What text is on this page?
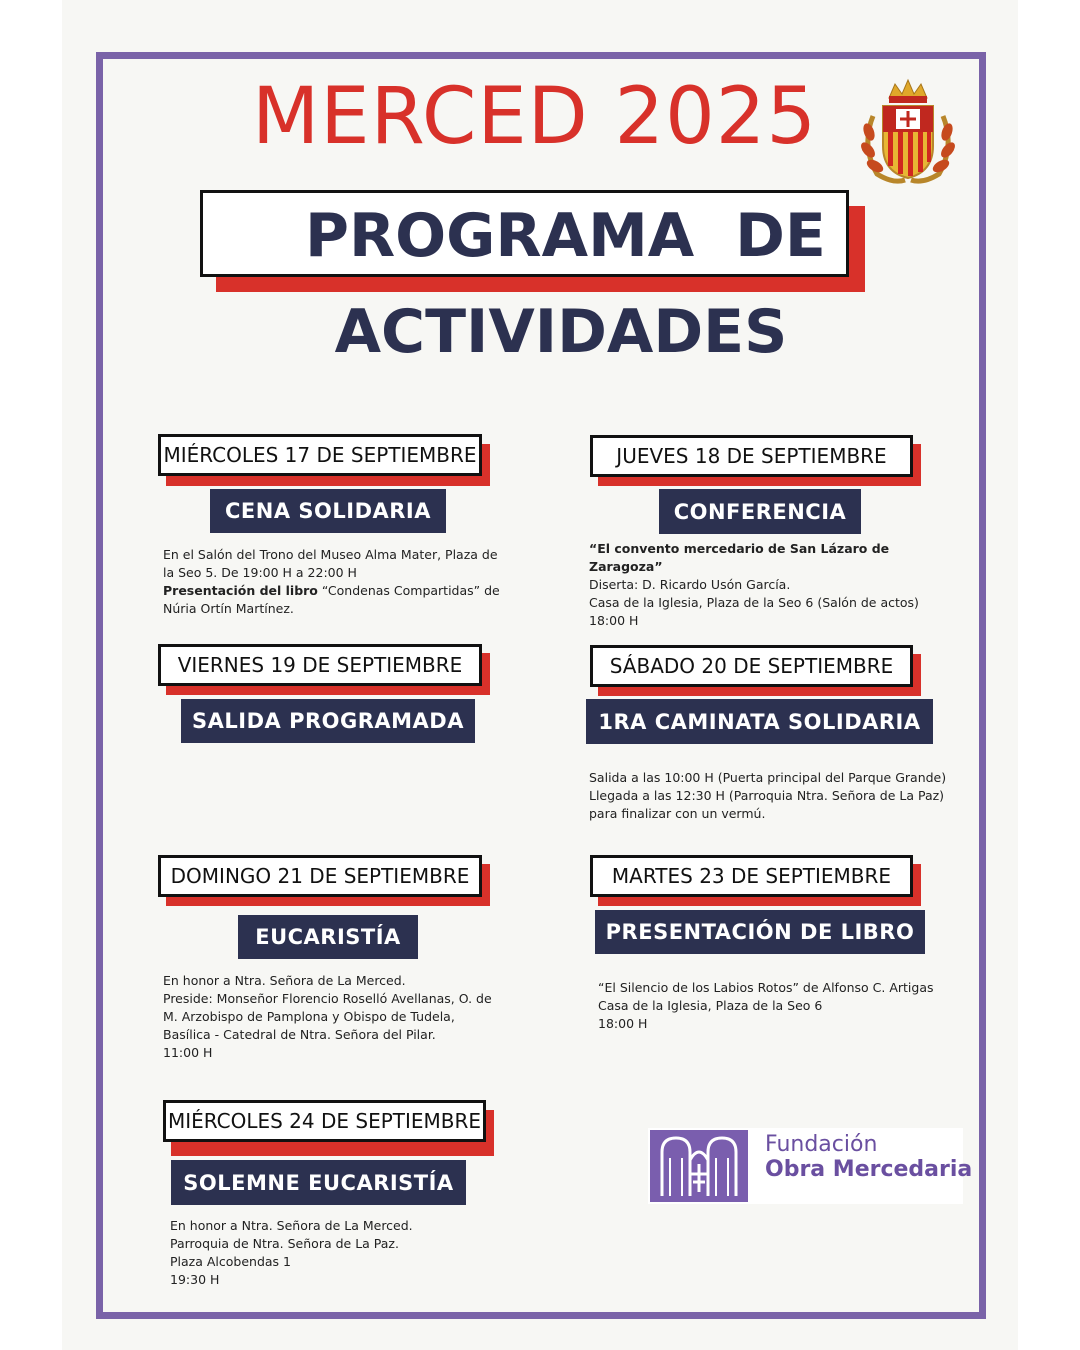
MERCED 2025
PROGRAMA DE
ACTIVIDADES
MIÉRCOLES 17 DE SEPTIEMBRE
CENA SOLIDARIA
En el Salón del Trono del Museo Alma Mater, Plaza de
la Seo 5. De 19:00 H a 22:00 H
Presentación del libro “Condenas Compartidas” de
Núria Ortín Martínez.
JUEVES 18 DE SEPTIEMBRE
CONFERENCIA
“El convento mercedario de San Lázaro de
Zaragoza”
Diserta: D. Ricardo Usón García.
Casa de la Iglesia, Plaza de la Seo 6 (Salón de actos)
18:00 H
VIERNES 19 DE SEPTIEMBRE
SALIDA PROGRAMADA
SÁBADO 20 DE SEPTIEMBRE
1RA CAMINATA SOLIDARIA
Salida a las 10:00 H (Puerta principal del Parque Grande)
Llegada a las 12:30 H (Parroquia Ntra. Señora de La Paz)
para finalizar con un vermú.
DOMINGO 21 DE SEPTIEMBRE
EUCARISTÍA
En honor a Ntra. Señora de La Merced.
Preside: Monseñor Florencio Roselló Avellanas, O. de
M. Arzobispo de Pamplona y Obispo de Tudela,
Basílica - Catedral de Ntra. Señora del Pilar.
11:00 H
MARTES 23 DE SEPTIEMBRE
PRESENTACIÓN DE LIBRO
“El Silencio de los Labios Rotos” de Alfonso C. Artigas
Casa de la Iglesia, Plaza de la Seo 6
18:00 H
MIÉRCOLES 24 DE SEPTIEMBRE
SOLEMNE EUCARISTÍA
En honor a Ntra. Señora de La Merced.
Parroquia de Ntra. Señora de La Paz.
Plaza Alcobendas 1
19:30 H
Fundación
Obra Mercedaria
